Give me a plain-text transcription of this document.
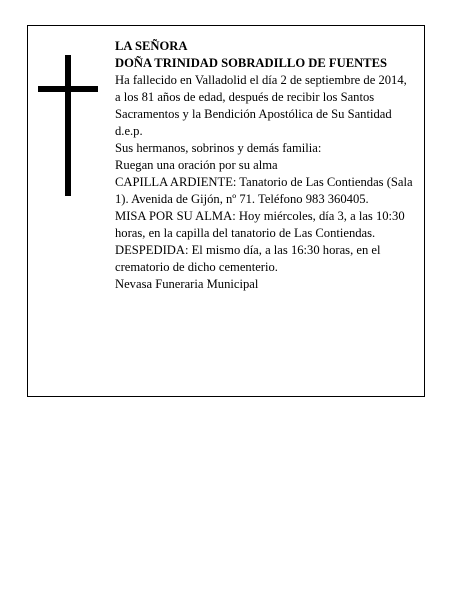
LA SEÑORA

DOÑA TRINIDAD SOBRADILLO DE FUENTES

Ha fallecido en Valladolid el día 2 de septiembre de 2014, a los 81 años de edad, después de recibir los Santos Sacramentos y la Bendición Apostólica de Su Santidad

d.e.p.

Sus hermanos, sobrinos y demás familia:

Ruegan una oración por su alma

CAPILLA ARDIENTE: Tanatorio de Las Contiendas (Sala 1). Avenida de Gijón, nº 71. Teléfono 983 360405.

MISA POR SU ALMA: Hoy miércoles, día 3, a las 10:30 horas, en la capilla del tanatorio de Las Contiendas.

DESPEDIDA: El mismo día, a las 16:30 horas, en el crematorio de dicho cementerio.

Nevasa Funeraria Municipal
